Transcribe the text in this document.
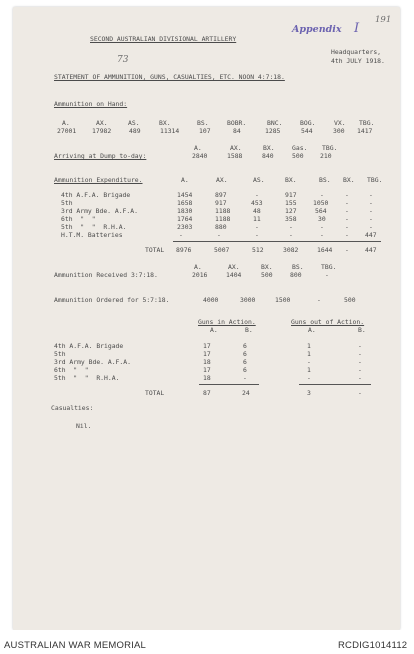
Appendix I
191
73
SECOND AUSTRALIAN DIVISIONAL ARTILLERY
Headquarters,
4th JULY 1918.
STATEMENT OF AMMUNITION, GUNS, CASUALTIES, ETC. NOON 4:7:18.
Ammunition on Hand:
A.	AX.	AS.	BX.	BS.	BOBR.	BNC.	BOG.	VX. TBG.
27001 17982	489	11314	107	84	1285	544	300 1417
A.	AX.	BX.	Gas. TBG.
Arriving at Dump to-day:	2840	1588	840	500	210
Ammunition Expenditure.	A.	AX.	AS.	BX.	BS. BX. TBG.
4th A.F.A. Brigade	1454	897	-	917	-	-	-
5th	1658	917	453	155	1050	-	-
3rd Army Bde. A.F.A.	1830	1188	48	127	564	-	-
6th  "  "	1764	1188	11	358	30	-	-
5th  "  "  R.H.A.	2303	880	-	-	-	-	-
H.T.M. Batteries	-	-	-	-	-	-	447
TOTAL 8976	5007	512	3082	1644 -	447
A.	AX.	BX.	BS.	TBG.
Ammunition Received 3:7:18.	2016	1404	500	800	-
Ammunition Ordered for 5:7:18.	4000	3000	1500	-	500
Guns in Action.	Guns out of Action.
A.	B.	A.	B.
4th A.F.A. Brigade	17	6	1	-
5th	17	6	1	-
3rd Army Bde. A.F.A.	18	6	-	-
6th  "  "	17	6	1	-
5th  "  "  R.H.A.	18	-	-	-
TOTAL	87	24	3	-
Casualties:
Nil.
AUSTRALIAN WAR MEMORIAL	RCDIG1014112
